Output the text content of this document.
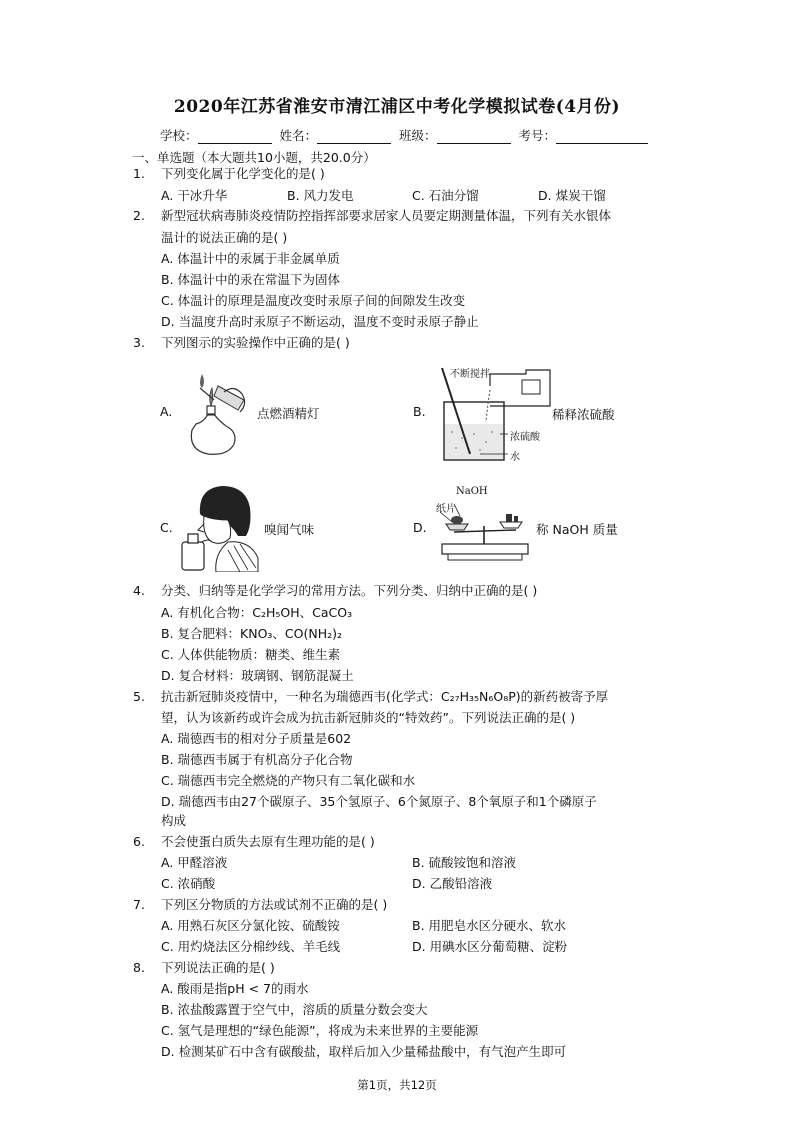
2020年江苏省淮安市清江浦区中考化学模拟试卷(4月份)
学校：	姓名：	班级：	考号：
一、单选题（本大题共10小题，共20.0分）
1.	下列变化属于化学变化的是( )
A. 干冰升华	B. 风力发电	C. 石油分馏	D. 煤炭干馏
2.	新型冠状病毒肺炎疫情防控指挥部要求居家人员要定期测量体温，下列有关水银体
温计的说法正确的是( )
A. 体温计中的汞属于非金属单质
B. 体温计中的汞在常温下为固体
C. 体温计的原理是温度改变时汞原子间的间隙发生改变
D. 当温度升高时汞原子不断运动，温度不变时汞原子静止
3.	下列图示的实验操作中正确的是( )
A.	点燃酒精灯	B.
不断搅拌
稀释浓硫酸
浓硫酸
水
C.	嗅闻气味	D.
NaOH
纸片
称 NaOH 质量
4.	分类、归纳等是化学学习的常用方法。下列分类、归纳中正确的是( )
A. 有机化合物：C₂H₅OH、CaCO₃
B. 复合肥料：KNO₃、CO(NH₂)₂
C. 人体供能物质：糖类、维生素
D. 复合材料：玻璃钢、钢筋混凝土
5.	抗击新冠肺炎疫情中，一种名为瑞德西韦(化学式：C₂₇H₃₅N₆O₈P)的新药被寄予厚
望，认为该新药或许会成为抗击新冠肺炎的“特效药”。下列说法正确的是( )
A. 瑞德西韦的相对分子质量是602
B. 瑞德西韦属于有机高分子化合物
C. 瑞德西韦完全燃烧的产物只有二氧化碳和水
D. 瑞德西韦由27个碳原子、35个氢原子、6个氮原子、8个氧原子和1个磷原子
构成
6.	不会使蛋白质失去原有生理功能的是( )
A. 甲醛溶液	B. 硫酸铵饱和溶液
C. 浓硝酸	D. 乙酸铅溶液
7.	下列区分物质的方法或试剂不正确的是( )
A. 用熟石灰区分氯化铵、硫酸铵	B. 用肥皂水区分硬水、软水
C. 用灼烧法区分棉纱线、羊毛线	D. 用碘水区分葡萄糖、淀粉
8.	下列说法正确的是( )
A. 酸雨是指pH < 7的雨水
B. 浓盐酸露置于空气中，溶质的质量分数会变大
C. 氢气是理想的“绿色能源”，将成为未来世界的主要能源
D. 检测某矿石中含有碳酸盐，取样后加入少量稀盐酸中，有气泡产生即可
第1页，共12页
